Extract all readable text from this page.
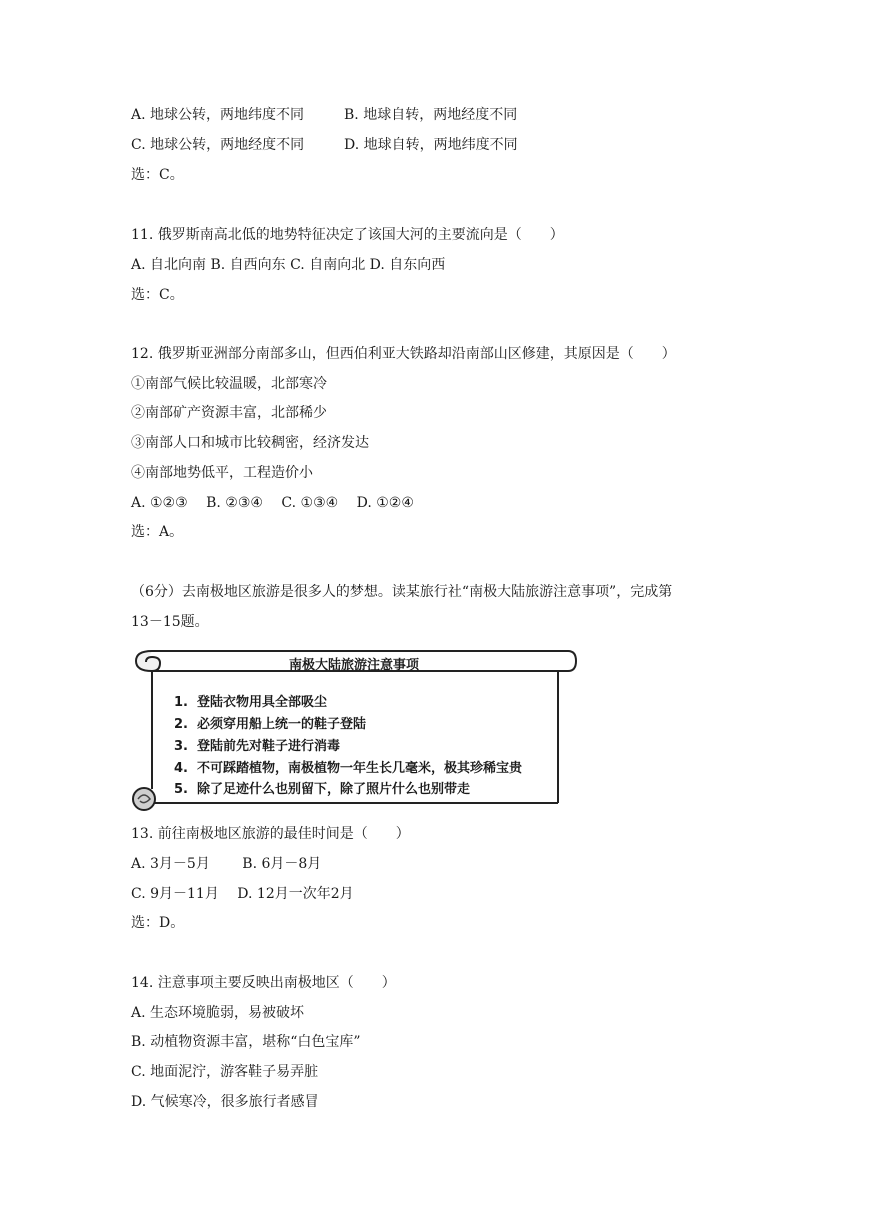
A. 地球公转，两地纬度不同	B. 地球自转，两地经度不同
C. 地球公转，两地经度不同	D. 地球自转，两地纬度不同
选：C。
11. 俄罗斯南高北低的地势特征决定了该国大河的主要流向是（　　）
A. 自北向南 B. 自西向东 C. 自南向北 D. 自东向西
选：C。
12. 俄罗斯亚洲部分南部多山，但西伯利亚大铁路却沿南部山区修建，其原因是（　　）
①南部气候比较温暖，北部寒冷
②南部矿产资源丰富，北部稀少
③南部人口和城市比较稠密，经济发达
④南部地势低平，工程造价小
A. ①②③　 B. ②③④　 C. ①③④　 D. ①②④
选：A。
（6分）去南极地区旅游是很多人的梦想。读某旅行社“南极大陆旅游注意事项”，完成第
13－15题。
南极大陆旅游注意事项
1.  登陆衣物用具全部吸尘
2.  必须穿用船上统一的鞋子登陆
3.  登陆前先对鞋子进行消毒
4.  不可踩踏植物，南极植物一年生长几毫米，极其珍稀宝贵
5.  除了足迹什么也别留下，除了照片什么也别带走
13. 前往南极地区旅游的最佳时间是（　　）
A. 3月－5月　　 B. 6月－8月
C. 9月－11月　 D. 12月一次年2月
选：D。
14. 注意事项主要反映出南极地区（　　）
A. 生态环境脆弱，易被破坏
B. 动植物资源丰富，堪称“白色宝库”
C. 地面泥泞，游客鞋子易弄脏
D. 气候寒冷，很多旅行者感冒
